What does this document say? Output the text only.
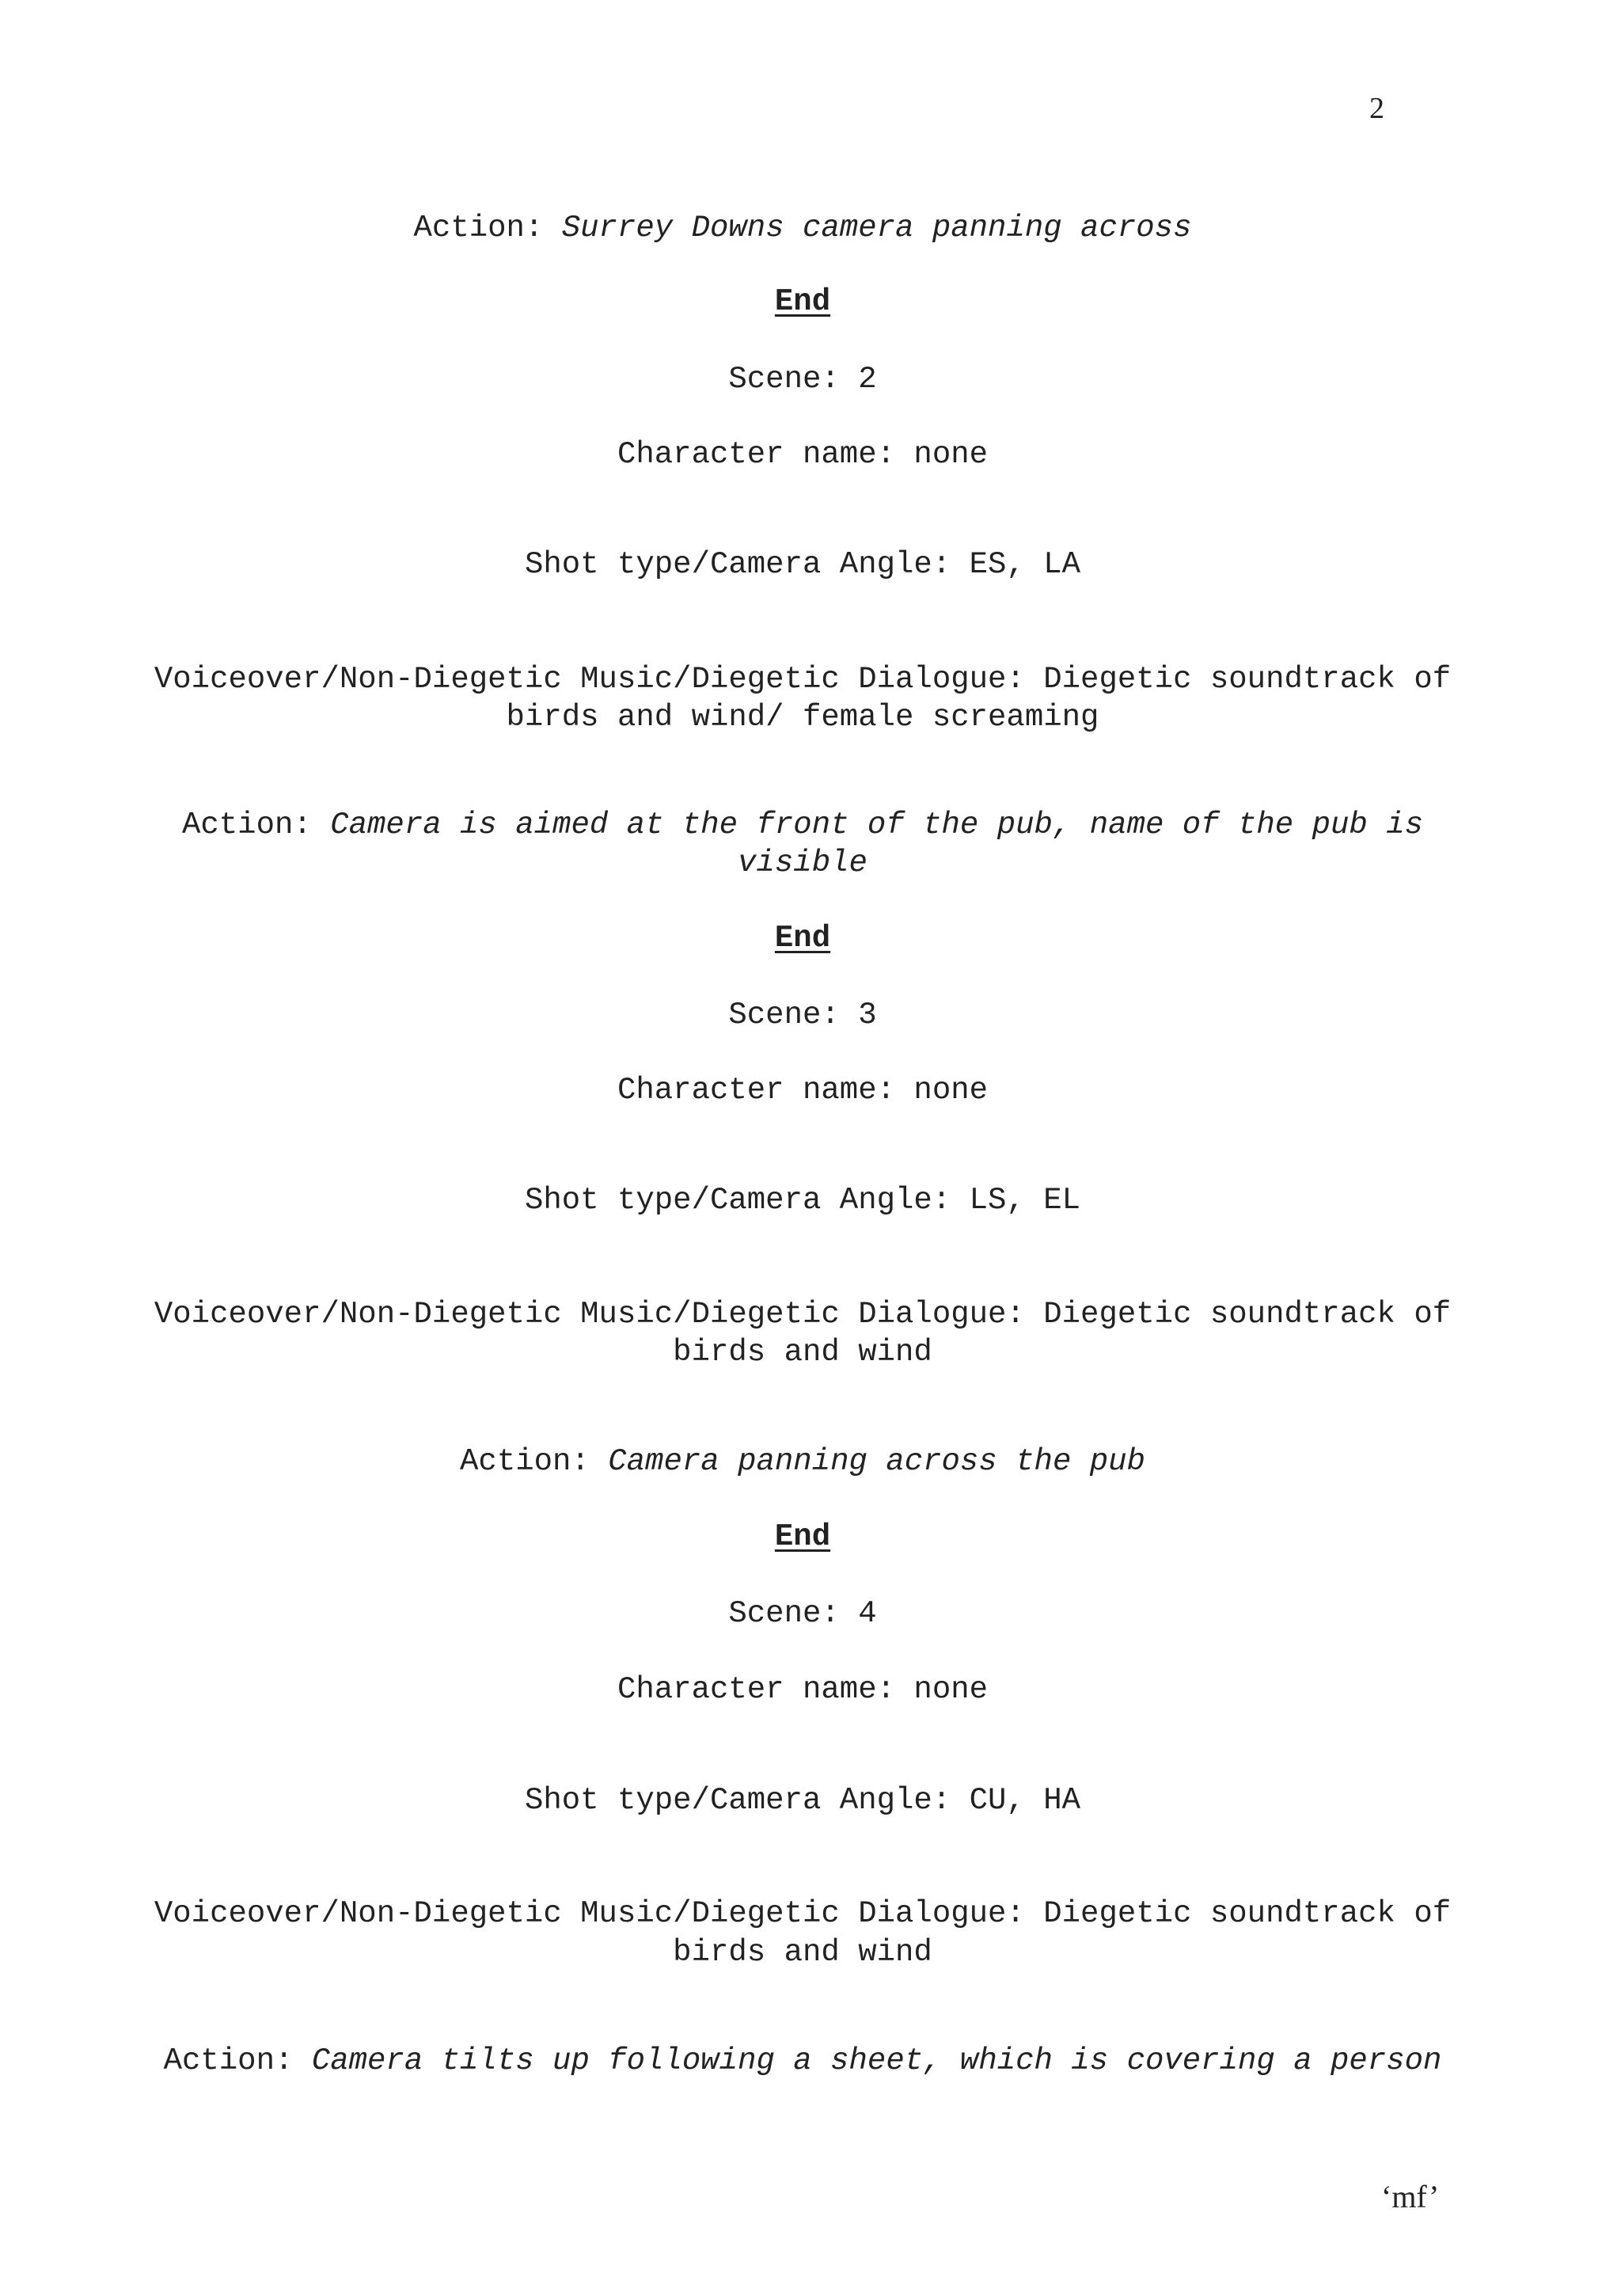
2
Action: Surrey Downs camera panning across
End
Scene: 2
Character name: none
Shot type/Camera Angle: ES, LA
Voiceover/Non-Diegetic Music/Diegetic Dialogue: Diegetic soundtrack of
birds and wind/ female screaming
Action: Camera is aimed at the front of the pub, name of the pub is
visible
End
Scene: 3
Character name: none
Shot type/Camera Angle: LS, EL
Voiceover/Non-Diegetic Music/Diegetic Dialogue: Diegetic soundtrack of
birds and wind
Action: Camera panning across the pub
End
Scene: 4
Character name: none
Shot type/Camera Angle: CU, HA
Voiceover/Non-Diegetic Music/Diegetic Dialogue: Diegetic soundtrack of
birds and wind
Action: Camera tilts up following a sheet, which is covering a person
‘mf’
